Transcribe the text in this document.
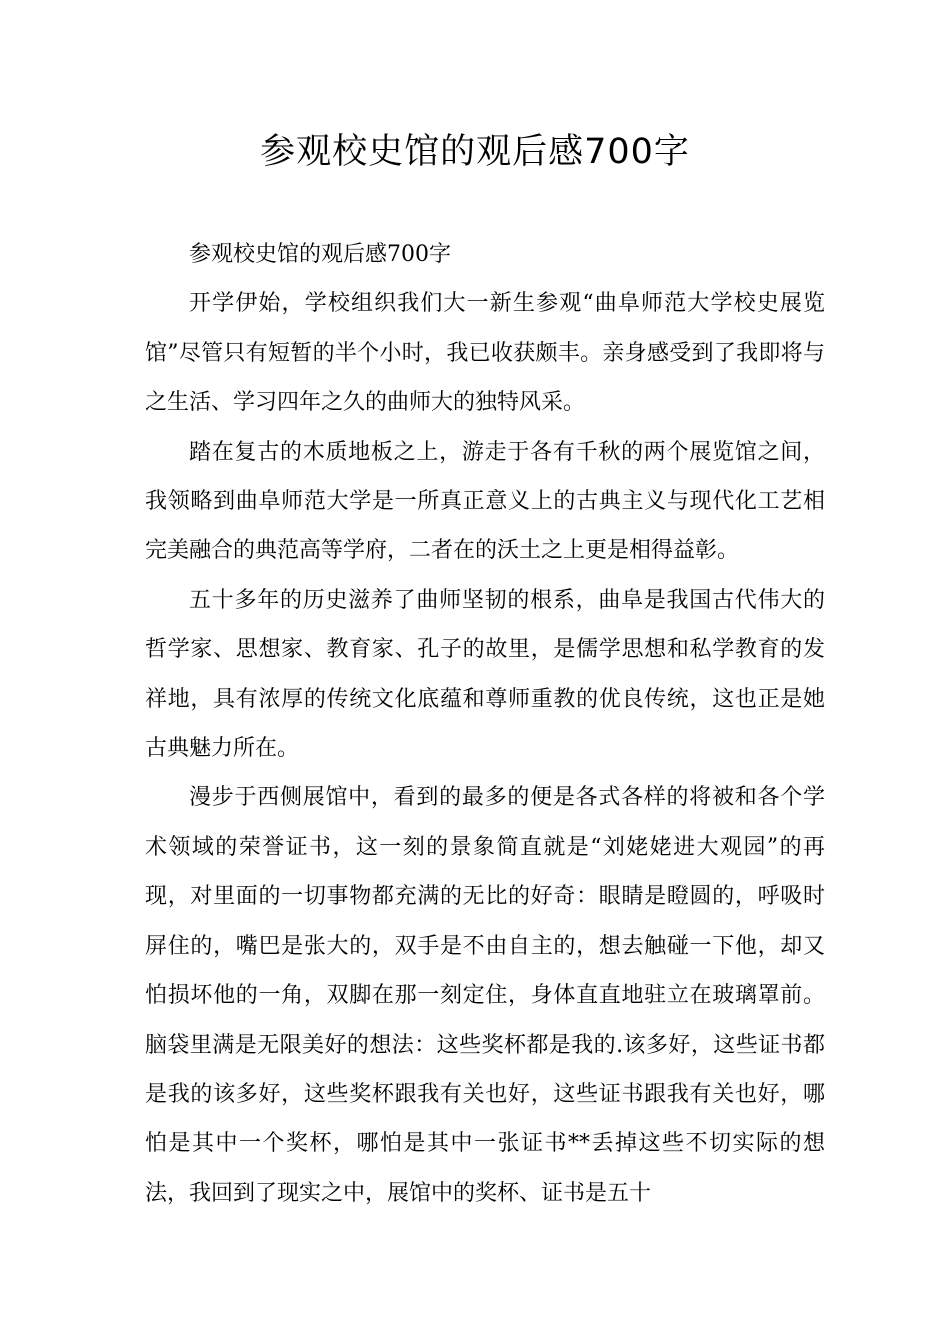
参观校史馆的观后感700字

参观校史馆的观后感700字

开学伊始，学校组织我们大一新生参观“曲阜师范大学校史展览馆”尽管只有短暂的半个小时，我已收获颇丰。亲身感受到了我即将与之生活、学习四年之久的曲师大的独特风采。

踏在复古的木质地板之上，游走于各有千秋的两个展览馆之间，我领略到曲阜师范大学是一所真正意义上的古典主义与现代化工艺相完美融合的典范高等学府，二者在的沃土之上更是相得益彰。

五十多年的历史滋养了曲师坚韧的根系，曲阜是我国古代伟大的哲学家、思想家、教育家、孔子的故里，是儒学思想和私学教育的发祥地，具有浓厚的传统文化底蕴和尊师重教的优良传统，这也正是她古典魅力所在。

漫步于西侧展馆中，看到的最多的便是各式各样的将被和各个学术领域的荣誉证书，这一刻的景象简直就是“刘姥姥进大观园”的再现，对里面的一切事物都充满的无比的好奇：眼睛是瞪圆的，呼吸时屏住的，嘴巴是张大的，双手是不由自主的，想去触碰一下他，却又怕损坏他的一角，双脚在那一刻定住，身体直直地驻立在玻璃罩前。脑袋里满是无限美好的想法：这些奖杯都是我的.该多好，这些证书都是我的该多好，这些奖杯跟我有关也好，这些证书跟我有关也好，哪怕是其中一个奖杯，哪怕是其中一张证书**丢掉这些不切实际的想法，我回到了现实之中，展馆中的奖杯、证书是五十
